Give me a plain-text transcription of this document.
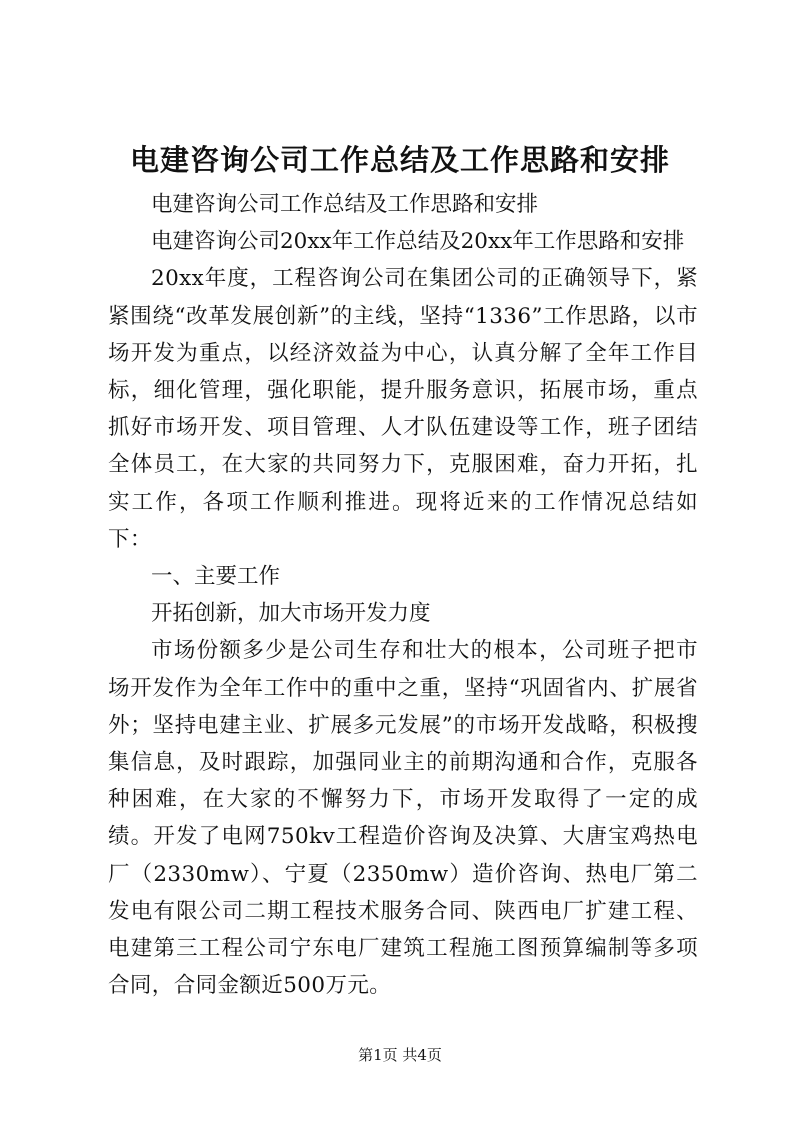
电建咨询公司工作总结及工作思路和安排

电建咨询公司工作总结及工作思路和安排

电建咨询公司20xx年工作总结及20xx年工作思路和安排

20xx年度，工程咨询公司在集团公司的正确领导下，紧紧围绕“改革发展创新”的主线，坚持“1336”工作思路，以市场开发为重点，以经济效益为中心，认真分解了全年工作目标，细化管理，强化职能，提升服务意识，拓展市场，重点抓好市场开发、项目管理、人才队伍建设等工作，班子团结全体员工，在大家的共同努力下，克服困难，奋力开拓，扎实工作，各项工作顺利推进。现将近来的工作情况总结如下：

一、主要工作

开拓创新，加大市场开发力度

市场份额多少是公司生存和壮大的根本，公司班子把市场开发作为全年工作中的重中之重，坚持“巩固省内、扩展省外；坚持电建主业、扩展多元发展”的市场开发战略，积极搜集信息，及时跟踪，加强同业主的前期沟通和合作，克服各种困难，在大家的不懈努力下，市场开发取得了一定的成绩。开发了电网750kv工程造价咨询及决算、大唐宝鸡热电厂（2330mw）、宁夏（2350mw）造价咨询、热电厂第二发电有限公司二期工程技术服务合同、陕西电厂扩建工程、电建第三工程公司宁东电厂建筑工程施工图预算编制等多项合同，合同金额近500万元。

第1页 共4页
